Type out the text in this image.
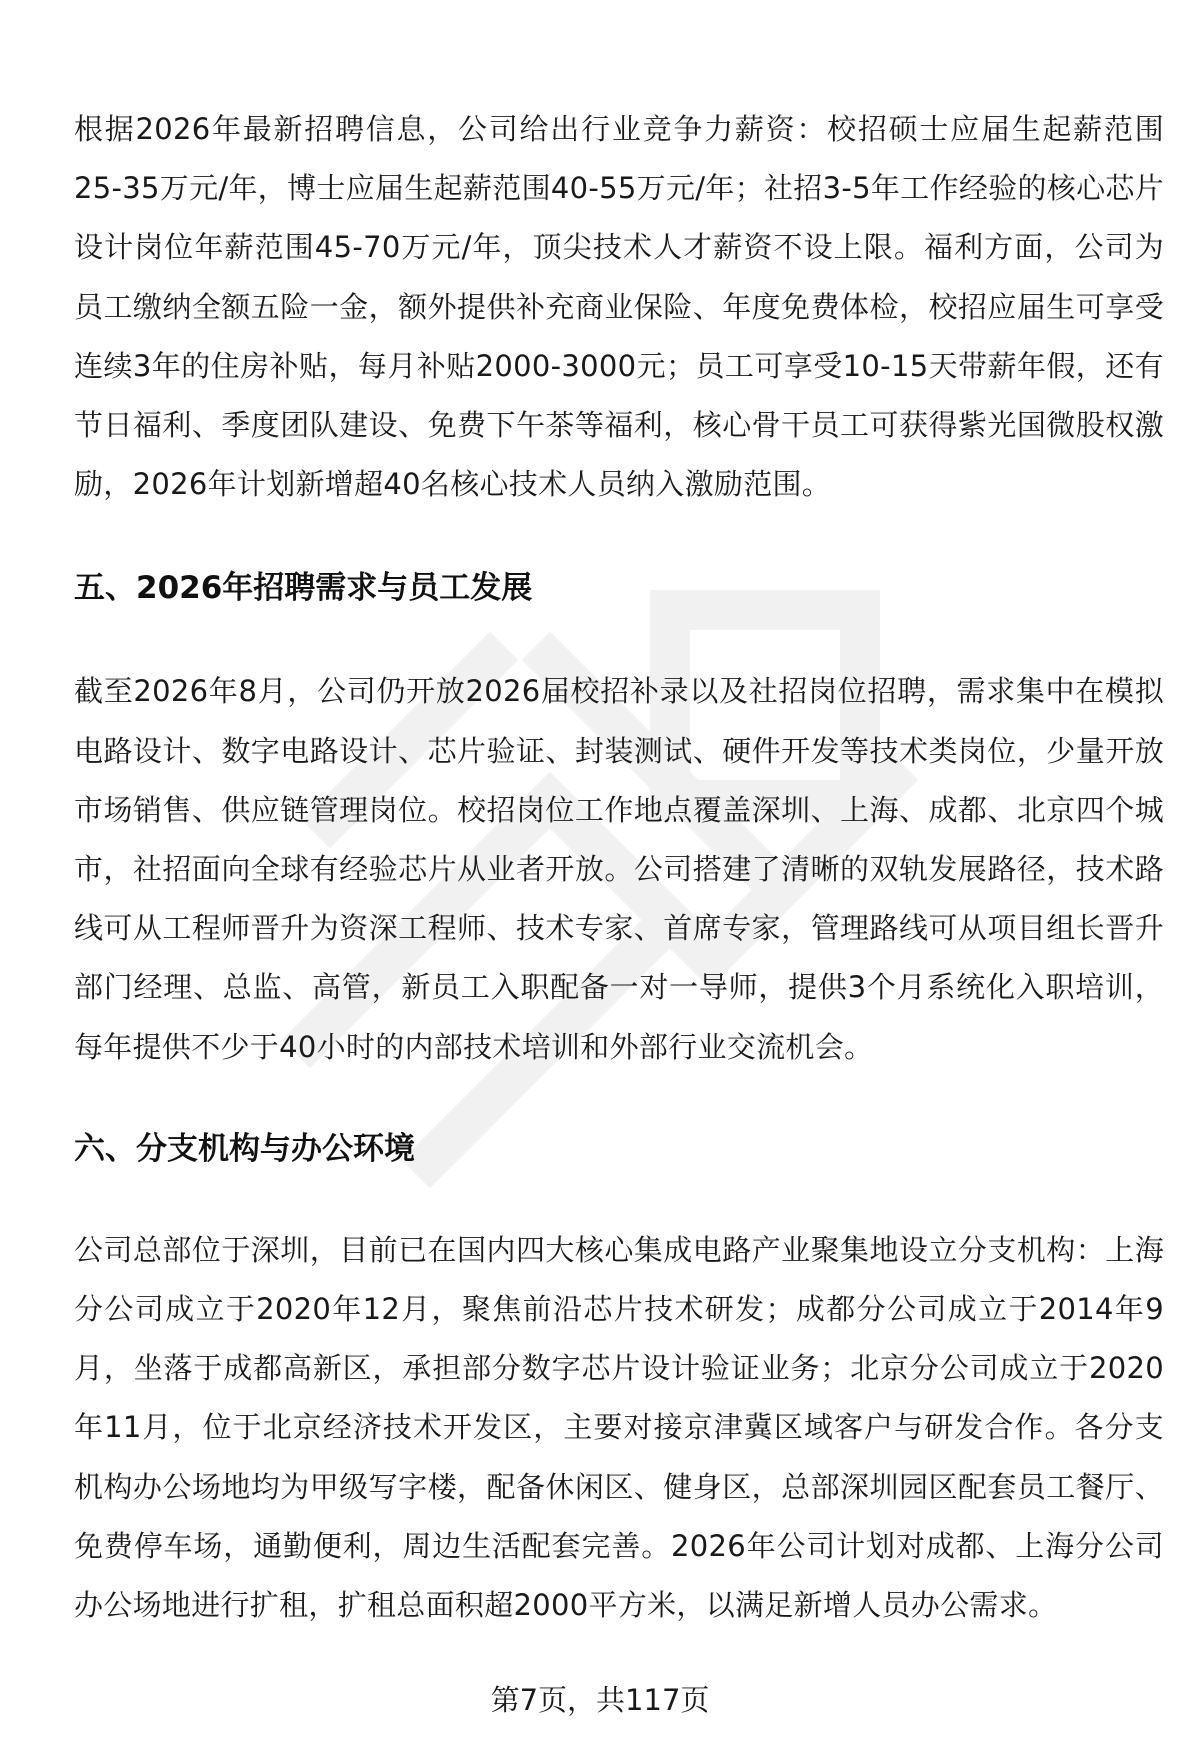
根据2026年最新招聘信息，公司给出行业竞争力薪资：校招硕士应届生起薪范围25-35万元/年，博士应届生起薪范围40-55万元/年；社招3-5年工作经验的核心芯片设计岗位年薪范围45-70万元/年，顶尖技术人才薪资不设上限。福利方面，公司为员工缴纳全额五险一金，额外提供补充商业保险、年度免费体检，校招应届生可享受连续3年的住房补贴，每月补贴2000-3000元；员工可享受10-15天带薪年假，还有节日福利、季度团队建设、免费下午茶等福利，核心骨干员工可获得紫光国微股权激励，2026年计划新增超40名核心技术人员纳入激励范围。

五、2026年招聘需求与员工发展

截至2026年8月，公司仍开放2026届校招补录以及社招岗位招聘，需求集中在模拟电路设计、数字电路设计、芯片验证、封装测试、硬件开发等技术类岗位，少量开放市场销售、供应链管理岗位。校招岗位工作地点覆盖深圳、上海、成都、北京四个城市，社招面向全球有经验芯片从业者开放。公司搭建了清晰的双轨发展路径，技术路线可从工程师晋升为资深工程师、技术专家、首席专家，管理路线可从项目组长晋升部门经理、总监、高管，新员工入职配备一对一导师，提供3个月系统化入职培训，每年提供不少于40小时的内部技术培训和外部行业交流机会。

六、分支机构与办公环境

公司总部位于深圳，目前已在国内四大核心集成电路产业聚集地设立分支机构：上海分公司成立于2020年12月，聚焦前沿芯片技术研发；成都分公司成立于2014年9月，坐落于成都高新区，承担部分数字芯片设计验证业务；北京分公司成立于2020年11月，位于北京经济技术开发区，主要对接京津冀区域客户与研发合作。各分支机构办公场地均为甲级写字楼，配备休闲区、健身区，总部深圳园区配套员工餐厅、免费停车场，通勤便利，周边生活配套完善。2026年公司计划对成都、上海分公司办公场地进行扩租，扩租总面积超2000平方米，以满足新增人员办公需求。

第7页，共117页
